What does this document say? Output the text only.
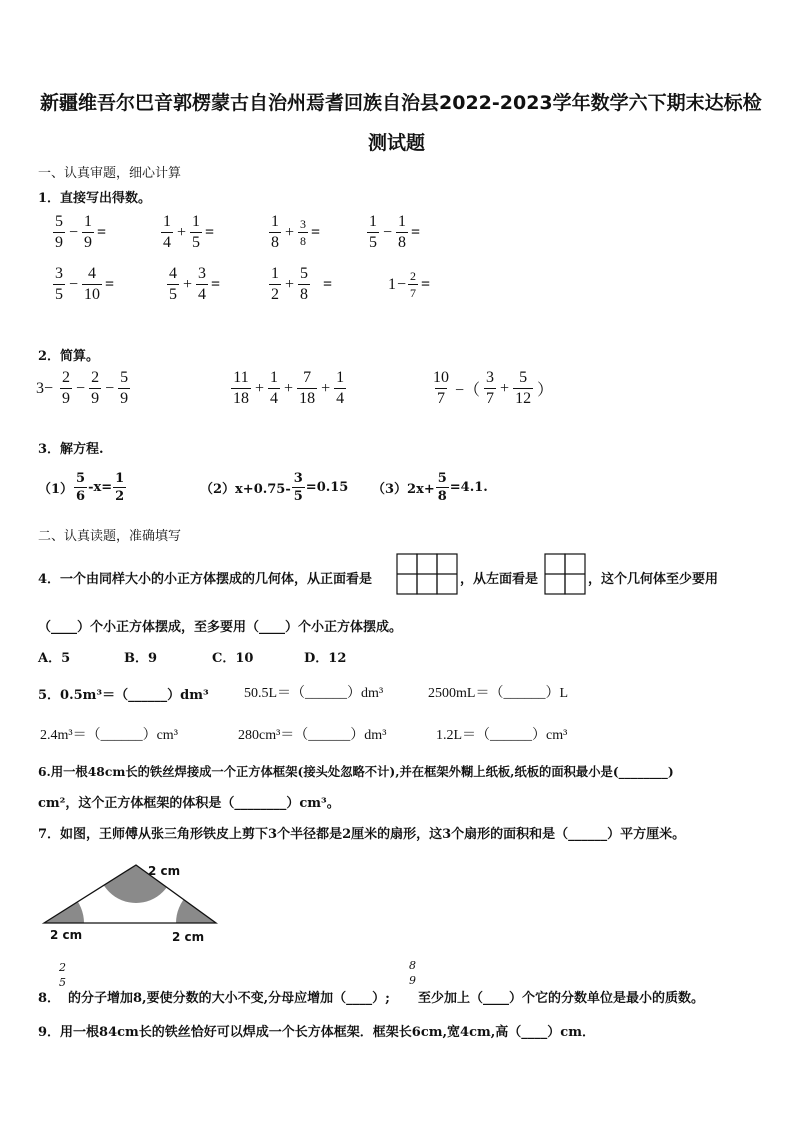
新疆维吾尔巴音郭楞蒙古自治州焉耆回族自治县2022-2023学年数学六下期末达标检
测试题
一、认真审题，细心计算
1．直接写出得数。
$\frac{5}{9} - \frac{1}{9}$ =	$\frac{1}{4} + \frac{1}{5}$ =	$\frac{1}{8} + \frac{3}{8}$ =	$\frac{1}{5} - \frac{1}{8}$ =
$\frac{3}{5} - \frac{4}{10}$ =	$\frac{4}{5} + \frac{3}{4}$ =	$\frac{1}{2} + \frac{5}{8}$ =	$1- \frac{2}{7}$ =
2．简算。
$3- \frac{2}{9} - \frac{2}{9} - \frac{5}{9}$	$\frac{11}{18} + \frac{1}{4} + \frac{7}{18} + \frac{1}{4}$	$\frac{10}{7}$ −（ $\frac{3}{7} + \frac{5}{12}$ ）
3．解方程.
$(1) \frac{5}{6} -x= \frac{1}{2}$	$(2)x+0.75- \frac{3}{5} =0.15$ $(3)2x+ \frac{5}{8} =4.1$.
二、认真读题，准确填写
4．一个由同样大小的小正方体摆成的几何体，从正面看是	，从左面看是	，这个几何体至少要用
（____）个小正方体摆成，至多要用（____）个小正方体摆成。
A．5	B．9	C．10	D．12
5．0.5m³＝（______）dm³	50.5L＝（______）dm³	2500mL＝（______）L
2.4m³＝（______）cm³	280cm³＝（______）dm³	1.2L＝（______）cm³
6.用一根48cm长的铁丝焊接成一个正方体框架(接头处忽略不计),并在框架外糊上纸板,纸板的面积最小是(________)
cm²，这个正方体框架的体积是（________）cm³。
7．如图，王师傅从张三角形铁皮上剪下3个半径都是2厘米的扇形，这3个扇形的面积和是（______）平方厘米。
2 cm
2 cm	2 cm
8．
2
5
的分子增加8,要使分数的大小不变,分母应增加（____）;
8
9
至少加上（____）个它的分数单位是最小的质数。
9．用一根84cm长的铁丝恰好可以焊成一个长方体框架．框架长6cm,宽4cm,高（____）cm．
